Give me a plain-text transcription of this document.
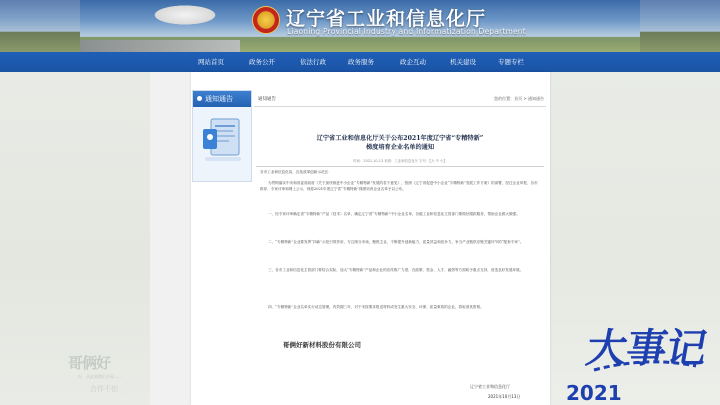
辽宁省工业和信息化厅
Liaoning Provincial Industry and Informatization Department
网站首页	政务公开	依法行政	政务服务	政企互动	机关建设	专题专栏
通知通告	通知通告	您的位置：首页 > 通知通告
辽宁省工业和信息化厅关于公布2021年度辽宁省“专精特新”
梯度培育企业名单的通知
时间：2021-10-13 来源：工业和信息化厅 字号：【大 中 小】
各市工业和信息化局，沈抚改革创新示范区：
为贯彻落实中央和省委省政府《关于加快推进中小企业“专精特新”发展的若干意见》，按照《辽宁省促进中小企业“专精特新”发展工作方案》的部署，经过企业申报、各市推荐、专家评审和网上公示，现将2021年度辽宁省“专精特新”梯度培育企业名单予以公布。
一、经专家评审确定省“专精特新”产品（技术）名单，确定辽宁省“专精特新”中小企业名单，各级工业和信息化主管部门要做好跟踪服务，帮助企业做大做强。
二、“专精特新”企业要发挥“四新”示范引领作用，专注细分市场，聚焦主业，不断提升创新能力、质量效益和竞争力，争当产业链供应链关键环节的“配套专家”。
三、各市工业和信息化主管部门要结合实际，加大“专精特新”产品和企业的宣传推广力度，在政策、资金、人才、融资等方面给予重点支持，营造良好发展环境。
四、“专精特新”企业名单实行动态管理，有效期三年，对于未按要求报送材料或发生重大安全、环保、质量事故的企业，将取消其资格。
哥俩好新材料股份有限公司
辽宁省工业和信息化厅
2021年10月13日
哥俩好
好，从此刻我们开始……
合作不怕
大事记
2021
